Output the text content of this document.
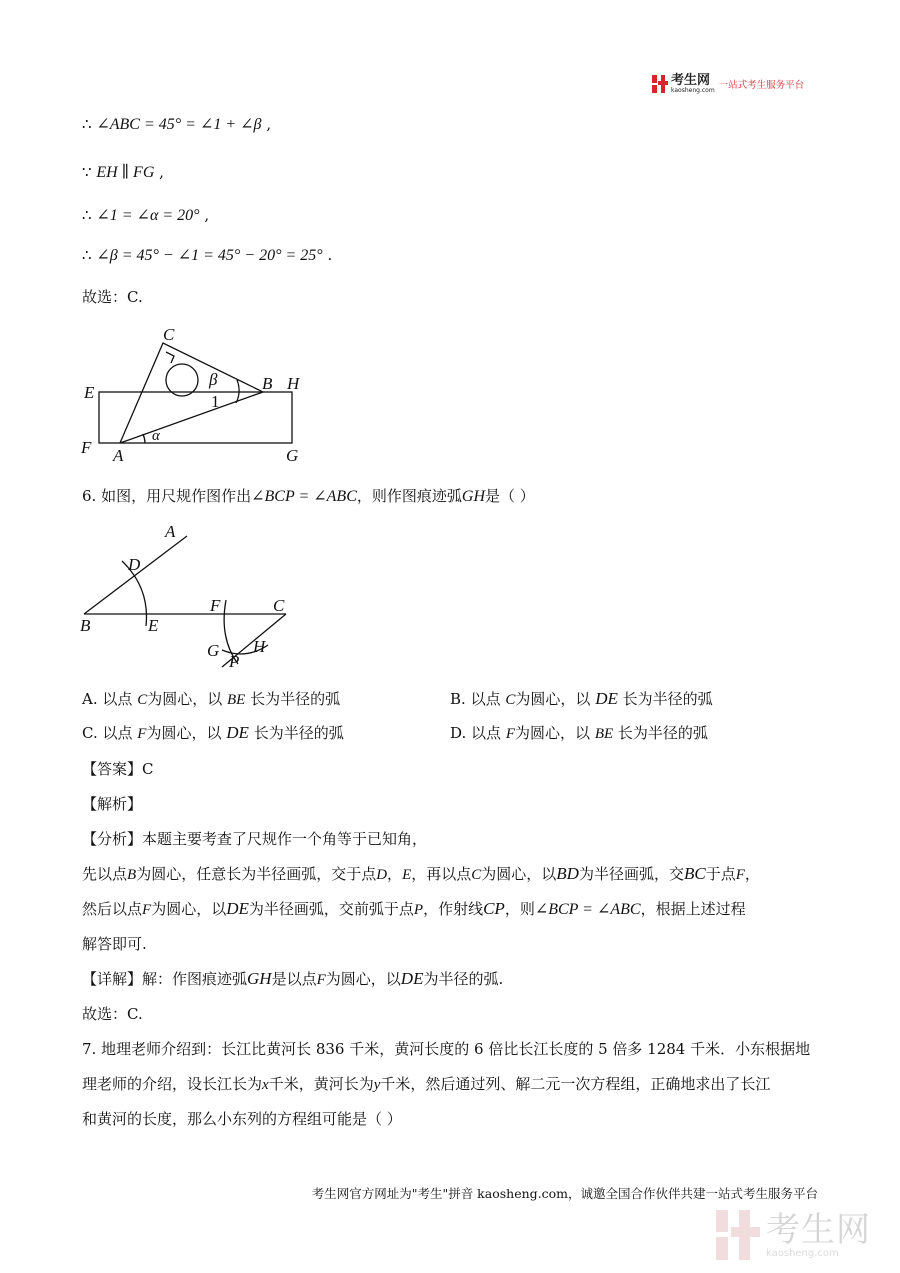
考生网
kaosheng.com 一站式考生服务平台
∴ ∠ABC = 45° = ∠1 + ∠β ,
∵ EH ∥ FG ,
∴ ∠1 = ∠α = 20° ,
∴ ∠β = 45° − ∠1 = 45° − 20° = 25° .
故选：C.
C
β	B H
E	1
F
α
A	G
6. 如图，用尺规作图作出∠BCP = ∠ABC，则作图痕迹弧GH是（ ）
A
D
B	E
F	C
G H
P
A. 以点 C为圆心，以 BE 长为半径的弧	B. 以点 C为圆心，以 DE 长为半径的弧
C. 以点 F为圆心，以 DE 长为半径的弧	D. 以点 F为圆心，以 BE 长为半径的弧
【答案】C
【解析】
【分析】本题主要考查了尺规作一个角等于已知角，
先以点B为圆心，任意长为半径画弧，交于点D，E，再以点C为圆心，以BD为半径画弧，交BC于点F，
然后以点F为圆心，以DE为半径画弧，交前弧于点P，作射线CP，则∠BCP = ∠ABC，根据上述过程
解答即可.
【详解】解：作图痕迹弧GH是以点F为圆心，以DE为半径的弧.
故选：C.
7. 地理老师介绍到：长江比黄河长 836 千米，黄河长度的 6 倍比长江长度的 5 倍多 1284 千米．小东根据地
理老师的介绍，设长江长为x千米，黄河长为y千米，然后通过列、解二元一次方程组，正确地求出了长江
和黄河的长度，那么小东列的方程组可能是（ ）
考生网官方网址为"考生"拼音 kaosheng.com，诚邀全国合作伙伴共建一站式考生服务平台
考生网
kaosheng.com
